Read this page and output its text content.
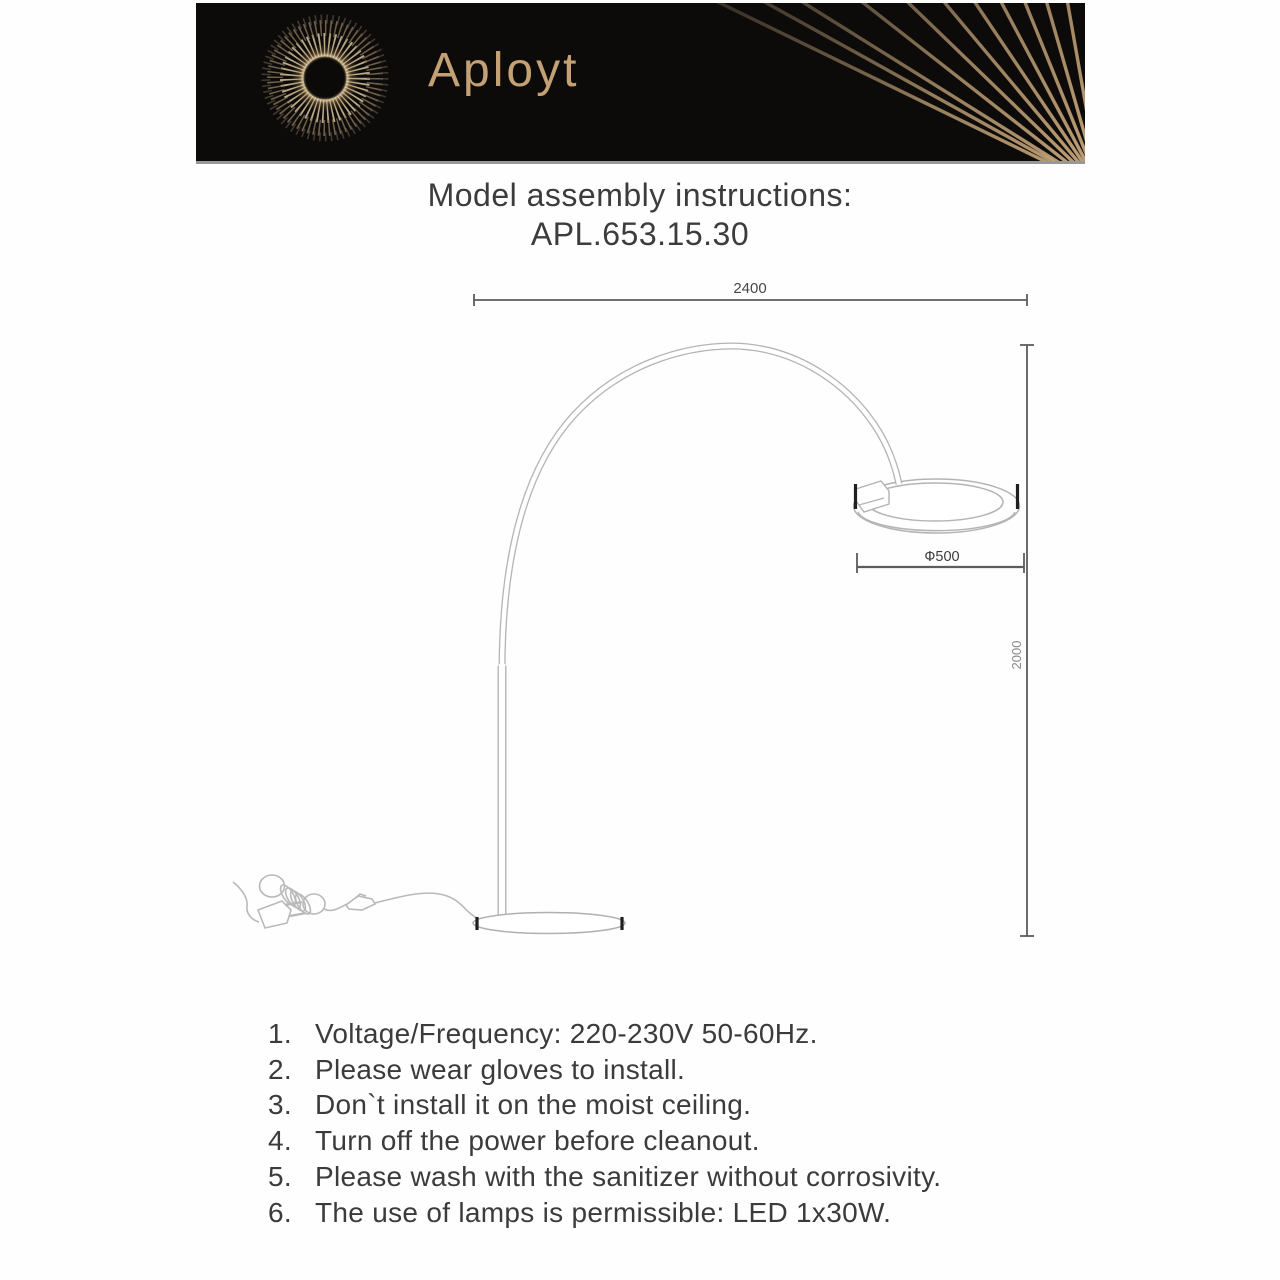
Aployt
Model assembly instructions:
APL.653.15.30
2400
2000
Ф500
1. Voltage/Frequency: 220-230V 50-60Hz.
2. Please wear gloves to install.
3. Don`t install it on the moist ceiling.
4. Turn off the power before cleanout.
5. Please wash with the sanitizer without corrosivity.
6. The use of lamps is permissible: LED 1x30W.
